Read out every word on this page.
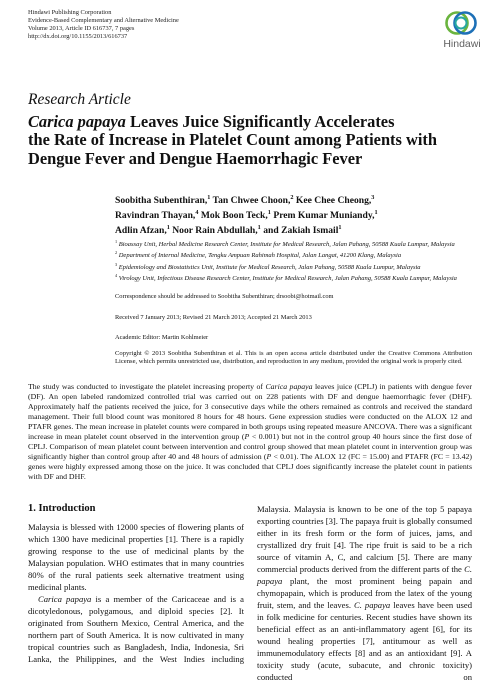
Hindawi Publishing Corporation
Evidence-Based Complementary and Alternative Medicine
Volume 2013, Article ID 616737, 7 pages
http://dx.doi.org/10.1155/2013/616737
Hindawi
Research Article
Carica papaya Leaves Juice Significantly Accelerates
the Rate of Increase in Platelet Count among Patients with
Dengue Fever and Dengue Haemorrhagic Fever
Soobitha Subenthiran,$^1$ Tan Chwee Choon,$^2$ Kee Chee Cheong,$^3$
Ravindran Thayan,$^4$ Mok Boon Teck,$^1$ Prem Kumar Muniandy,$^1$
Adlin Afzan,$^1$ Noor Rain Abdullah,$^1$ and Zakiah Ismail$^1$
$^1$ Bioassay Unit, Herbal Medicine Research Center, Institute for Medical Research, Jalan Pahang, 50588 Kuala Lumpur, Malaysia
$^2$ Department of Internal Medicine, Tengku Ampuan Rahimah Hospital, Jalan Langat, 41200 Klang, Malaysia
$^3$ Epidemiology and Biostatistics Unit, Institute for Medical Research, Jalan Pahang, 50588 Kuala Lumpur, Malaysia
$^4$ Virology Unit, Infectious Disease Research Center, Institute for Medical Research, Jalan Pahang, 50588 Kuala Lumpur, Malaysia
Correspondence should be addressed to Soobitha Subenthiran; drsoobi@hotmail.com
Received 7 January 2013; Revised 21 March 2013; Accepted 21 March 2013
Academic Editor: Martin Kohlmeier

Copyright © 2013 Soobitha Subenthiran et al. This is an open access article distributed under the Creative Commons Attribution License, which permits unrestricted use, distribution, and reproduction in any medium, provided the original work is properly cited.

The study was conducted to investigate the platelet increasing property of Carica papaya leaves juice (CPLJ) in patients with dengue fever (DF). An open labeled randomized controlled trial was carried out on 228 patients with DF and dengue haemorrhagic fever (DHF). Approximately half the patients received the juice, for 3 consecutive days while the others remained as controls and received the standard management. Their full blood count was monitored 8 hours for 48 hours. Gene expression studies were conducted on the ALOX 12 and PTAFR genes. The mean increase in platelet counts were compared in both groups using repeated measure ANCOVA. There was a significant increase in mean platelet count observed in the intervention group (P < 0.001) but not in the control group 40 hours since the first dose of CPLJ. Comparison of mean platelet count between intervention and control group showed that mean platelet count in intervention group was significantly higher than control group after 40 and 48 hours of admission (P < 0.01). The ALOX 12 (FC = 15.00) and PTAFR (FC = 13.42) genes were highly expressed among those on the juice. It was concluded that CPLJ does significantly increase the platelet count in patients with DF and DHF.

1. Introduction

Malaysia is blessed with 12000 species of flowering plants of which 1300 have medicinal properties [1]. There is a rapidly growing response to the use of medicinal plants by the Malaysian population. WHO estimates that in many countries 80% of the rural patients seek alternative treatment using medicinal plants.

Carica papaya is a member of the Caricaceae and is a dicotyledonous, polygamous, and diploid species [2]. It originated from Southern Mexico, Central America, and the northern part of South America. It is now cultivated in many tropical countries such as Bangladesh, India, Indonesia, Sri Lanka, the Philippines, and the West Indies including

Malaysia. Malaysia is known to be one of the top 5 papaya exporting countries [3]. The papaya fruit is globally consumed either in its fresh form or the form of juices, jams, and crystallized dry fruit [4]. The ripe fruit is said to be a rich source of vitamin A, C, and calcium [5]. There are many commercial products derived from the different parts of the C. papaya plant, the most prominent being papain and chymopapain, which is produced from the latex of the young fruit, stem, and the leaves. C. papaya leaves have been used in folk medicine for centuries. Recent studies have shown its beneficial effect as an anti-inflammatory agent [6], for its wound healing properties [7], antitumour as well as immunemodulatory effects [8] and as an antioxidant [9]. A toxicity study (acute, subacute, and chronic toxicity) conducted on
